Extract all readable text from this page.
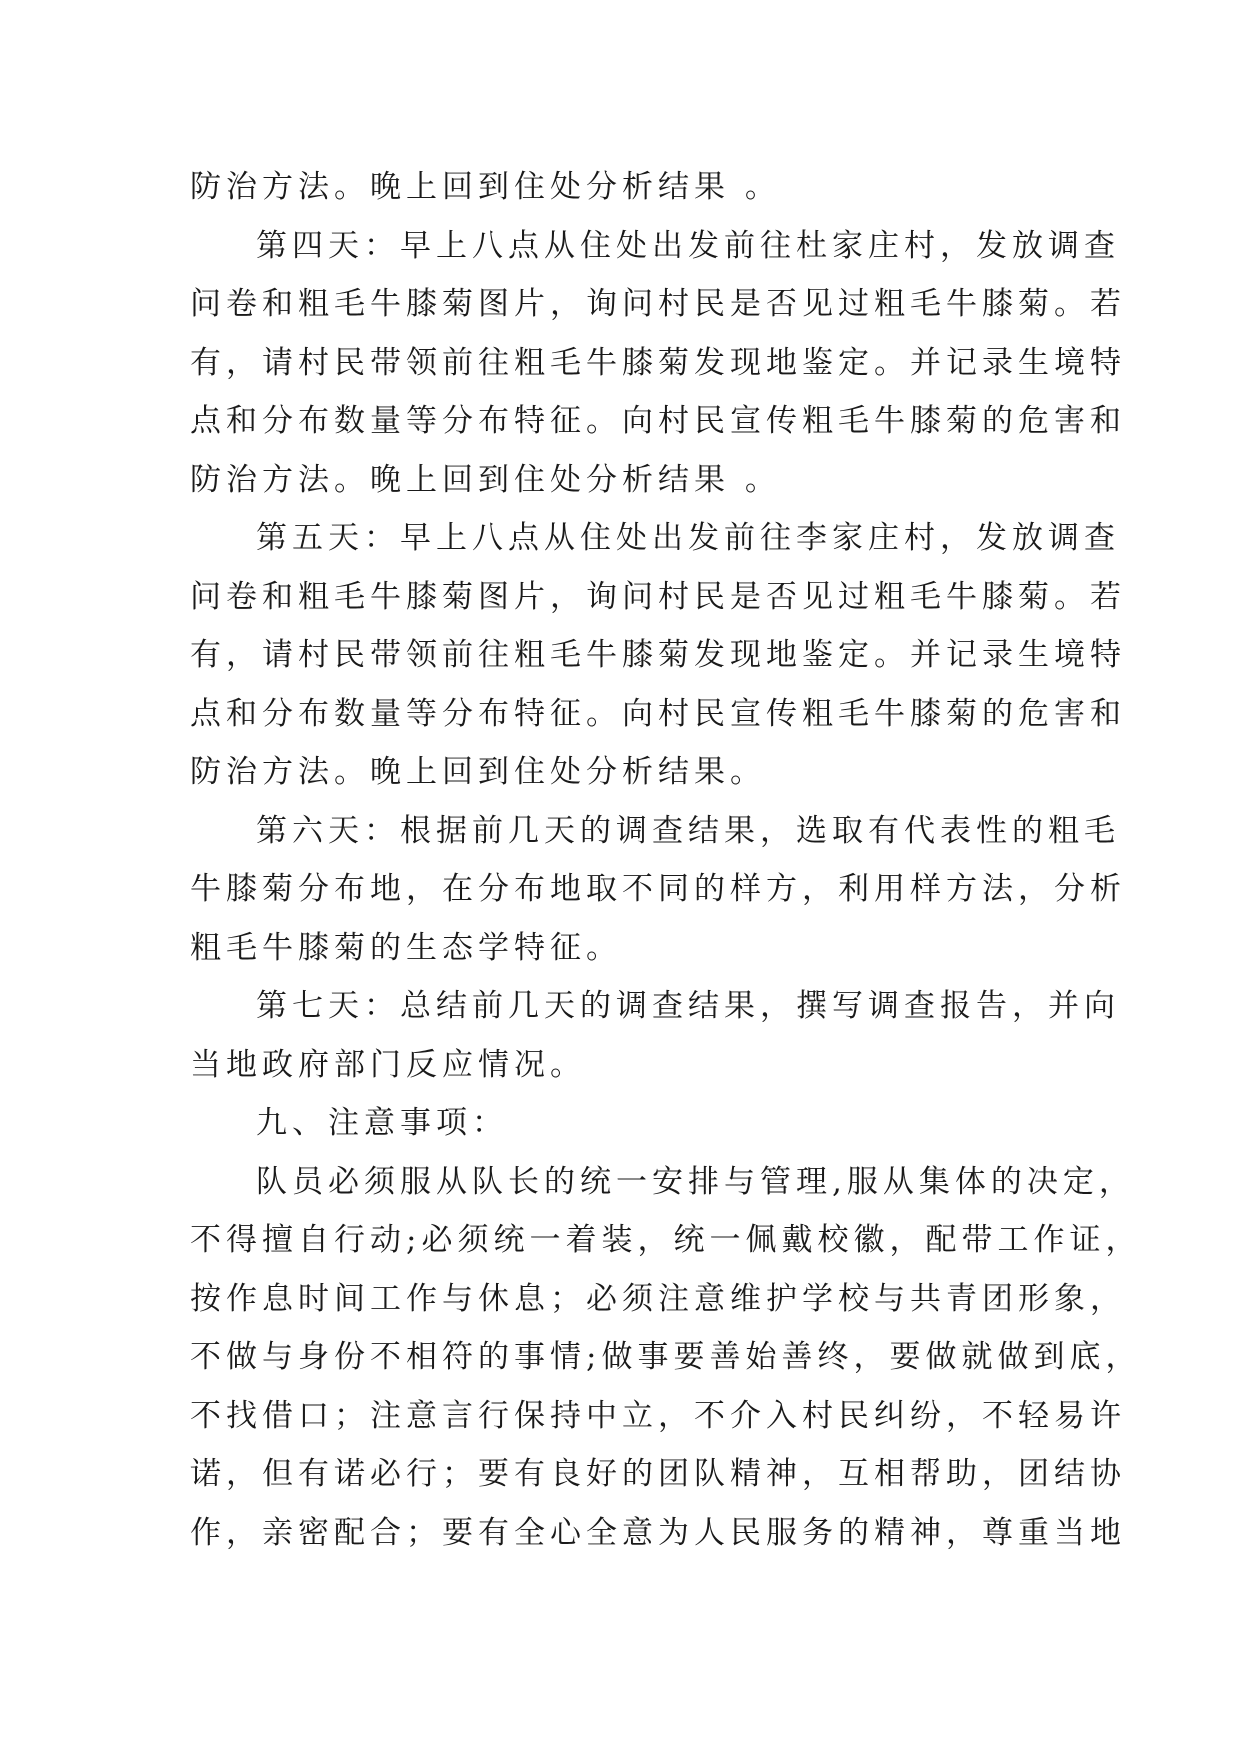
防治方法。晚上回到住处分析结果 。
第四天：早上八点从住处出发前往杜家庄村，发放调查
问卷和粗毛牛膝菊图片，询问村民是否见过粗毛牛膝菊。若
有，请村民带领前往粗毛牛膝菊发现地鉴定。并记录生境特
点和分布数量等分布特征。向村民宣传粗毛牛膝菊的危害和
防治方法。晚上回到住处分析结果 。
第五天：早上八点从住处出发前往李家庄村，发放调查
问卷和粗毛牛膝菊图片，询问村民是否见过粗毛牛膝菊。若
有，请村民带领前往粗毛牛膝菊发现地鉴定。并记录生境特
点和分布数量等分布特征。向村民宣传粗毛牛膝菊的危害和
防治方法。晚上回到住处分析结果。
第六天：根据前几天的调查结果，选取有代表性的粗毛
牛膝菊分布地，在分布地取不同的样方，利用样方法，分析
粗毛牛膝菊的生态学特征。
第七天：总结前几天的调查结果，撰写调查报告，并向
当地政府部门反应情况。
九、注意事项：
队员必须服从队长的统一安排与管理,服从集体的决定，
不得擅自行动;必须统一着装，统一佩戴校徽，配带工作证，
按作息时间工作与休息；必须注意维护学校与共青团形象，
不做与身份不相符的事情;做事要善始善终，要做就做到底，
不找借口；注意言行保持中立，不介入村民纠纷，不轻易许
诺，但有诺必行；要有良好的团队精神，互相帮助，团结协
作，亲密配合；要有全心全意为人民服务的精神，尊重当地
